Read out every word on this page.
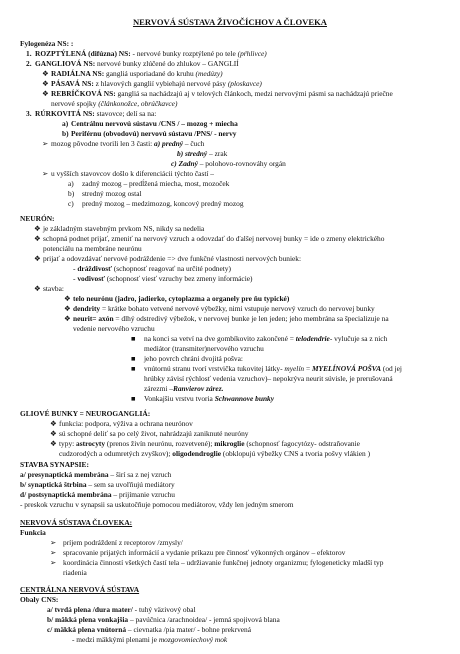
NERVOVÁ SÚSTAVA ŽIVOČÍCHOV A ČLOVEKA
Fylogenéza NS: :
1. ROZPTÝLENÁ (difúzna) NS: - nervové bunky rozptýlené po tele (pŕhlivce)
2. GANGLIOVÁ NS: nervové bunky zlúčené do zhlukov – GANGLIÍ
❖ RADIÁLNA NS: gangliá usporiadané do kruhu (medúzy)
❖ PÁSAVÁ NS: z hlavových ganglií vybiehajú nervové pásy (ploskavce)
❖ REBRÍČKOVÁ NS: gangliá sa nachádzajú aj v telových článkoch, medzi nervovými pásmi sa nachádzajú priečne
nervové spojky (článkonožce, obrúčkavce)
3. RÚRKOVITÁ NS: stavovce; delí sa na:
a) Centrálnu nervovú sústavu /CNS / – mozog + miecha
b) Periférnu (obvodovú) nervovú sústavu /PNS/ - nervy
➢ mozog pôvodne tvorili len 3 časti: a) predný – čuch
b) stredný – zrak
c) Zadný – polohovo-rovnováhy orgán
➢ u vyšších stavovcov došlo k diferenciácii týchto častí –
a) zadný mozog – predĺžená miecha, most, mozoček
b) stredný mozog ostal
c) predný mozog – medzimozog, koncový predný mozog
NEURÓN:
❖ je základným stavebným prvkom NS, nikdy sa nedelia
❖ schopná podnet prijať, zmeniť na nervový vzruch a odovzdať do ďalšej nervovej bunky = ide o zmeny elektrického
potenciálu na membráne neurónu
❖ prijať a odovzdávať nervové podráždenie => dve funkčné vlastnosti nervových buniek:
- dráždivosť (schopnosť reagovať na určité podnety)
- vodivosť (schopnosť viesť vzruchy bez zmeny informácie)
❖ stavba:
❖ telo neurónu (jadro, jadierko, cytoplazma a organely pre ňu typické)
❖ dendrity = krátke bohato vetvené nervové výbežky, nimi vstupuje nervový vzruch do nervovej bunky
❖ neurit= axón = dlhý odstredivý výbežok, v nervovej bunke je len jeden; jeho membrána sa špecializuje na
vedenie nervového vzruchu
■ na konci sa vetví na dve gombíkovito zakončené = telodendrie- vylučuje sa z nich
mediátor (transmiter)nervového vzruchu
■ jeho povrch chráni dvojitá pošva:
■ vnútornú stranu tvorí vrstvička tukovitej látky- myelín = MYELÍNOVÁ POŠVA (od jej
hrúbky závisí rýchlosť vedenia vzruchov)– nepokrýva neurit súvisle, je prerušovaná
zárezmi –Ranvierov zárez.
■ Vonkajšiu vrstvu tvoria Schwannove bunky
GLIOVÉ BUNKY = NEUROGANGLIÁ:
❖ funkcia: podpora, výživa a ochrana neurónov
❖ sú schopné deliť sa po celý život, nahrádzajú zaniknuté neuróny
❖ typy: astrocyty (prenos živín neurónu, rozvetvené); mikroglie (schopnosť fagocytózy- odstraňovanie
cudzorodých a odumretých zvyškov); oligodendroglie (obklopujú výbežky CNS a tvoria pošvy vlákien )
STAVBA SYNAPSIE:
a/ presynaptická membrána – širí sa z nej vzruch
b/ synaptická štrbina – sem sa uvoľňujú mediátory
d/ postsynaptická membrána – prijímanie vzruchu
- preskok vzruchu v synapsii sa uskutočňuje pomocou mediátorov, vždy len jedným smerom
NERVOVÁ SÚSTAVA ČLOVEKA:
Funkcia
➢ príjem podráždení z receptorov /zmysly/
➢ spracovanie prijatých informácií a vydanie príkazu pre činnosť výkonných orgánov – efektorov
➢ koordinácia činností všetkých častí tela – udržiavanie funkčnej jednoty organizmu; fylogeneticky mladší typ
riadenia
CENTRÁLNA NERVOVÁ SÚSTAVA
Obaly CNS:
a/ tvrdá plena /dura mater/ - tuhý väzivový obal
b/ mäkká plena vonkajšia – pavúčnica /arachnoidea/ - jemná spojivová blana
c/ mäkká plena vnútorná – cievnatka /pia mater/ - bohne prekrvená
- medzi mäkkými plenami je mozgovomiechový mok
